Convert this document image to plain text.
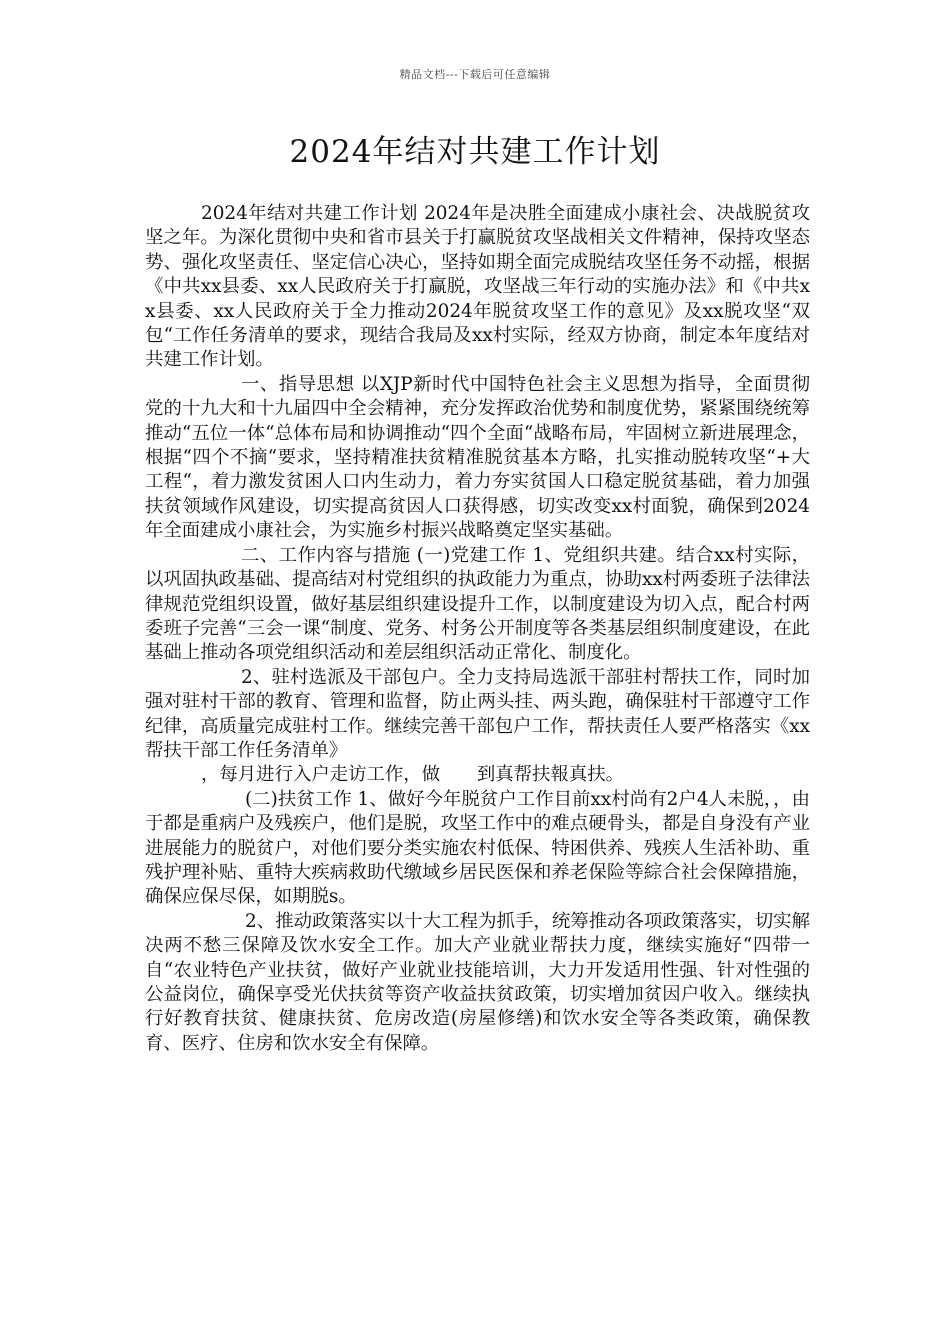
精品文档---下载后可任意编辑
2024年结对共建工作计划

2024年结对共建工作计划 2024年是决胜全面建成小康社会、决战脱贫攻坚之年。为深化贯彻中央和省市县关于打赢脱贫攻坚战相关文件精神，保持攻坚态势、强化攻坚责任、坚定信心决心，坚持如期全面完成脱结攻坚任务不动摇，根据《中共xx县委、xx人民政府关于打赢脱，攻坚战三年行动的实施办法》和《中共xx县委、xx人民政府关于全力推动2024年脱贫攻坚工作的意见》及xx脱攻坚“双包“工作任务清单的要求，现结合我局及xx村实际，经双方协商，制定本年度结对共建工作计划。

一、指导思想 以XJP新时代中国特色社会主义思想为指导，全面贯彻党的十九大和十九届四中全会精神，充分发挥政治优势和制度优势，紧紧围绕统筹推动“五位一体“总体布局和协调推动“四个全面“战略布局，牢固树立新进展理念，根据“四个不摘“要求，坚持精准扶贫精准脱贫基本方略，扎实推动脱转攻坚“+大工程“，着力激发贫困人口内生动力，着力夯实贫国人口稳定脱贫基础，着力加强扶贫领域作风建设，切实提高贫因人口获得感，切实改变xx村面貌，确保到2024年全面建成小康社会，为实施乡村振兴战略奠定坚实基础。

二、工作内容与措施 (一)党建工作 1、党组织共建。结合xx村实际，以巩固执政基础、提高结对村党组织的执政能力为重点，协助xx村两委班子法律法律规范党组织设置，做好基层组织建设提升工作，以制度建设为切入点，配合村两委班子完善“三会一课“制度、党务、村务公开制度等各类基层组织制度建设，在此基础上推动各项党组织活动和差层组织活动正常化、制度化。

2、驻村选派及干部包户。全力支持局选派干部驻村帮扶工作，同时加强对驻村干部的教育、管理和监督，防止两头挂、两头跑，确保驻村干部遵守工作纪律，高质量完成驻村工作。继续完善干部包户工作，帮扶责任人要严格落实《xx帮扶干部工作任务清单》

，每月进行入户走访工作，做　　到真帮扶報真扶。

(二)扶贫工作 1、做好今年脱贫户工作目前xx村尚有2户4人未脱，，由于都是重病户及残疾户，他们是脱，攻坚工作中的难点硬骨头，都是自身没有产业进展能力的脱贫户，对他们要分类实施农村低保、特困供养、残疾人生活补助、重残护理补贴、重特大疾病救助代缴域乡居民医保和养老保险等綜合社会保障措施，确保应保尽保，如期脱s。

2、推动政策落实以十大工程为抓手，统筹推动各项政策落实，切实解决两不愁三保障及饮水安全工作。加大产业就业帮扶力度，继续实施好“四带一自“农业特色产业扶贫，做好产业就业技能培训，大力开发适用性强、针对性强的公益岗位，确保享受光伏扶贫等资产收益扶贫政策，切实增加贫因户收入。继续执行好教育扶贫、健康扶贫、危房改造(房屋修缮)和饮水安全等各类政策，确保教育、医疗、住房和饮水安全有保障。
